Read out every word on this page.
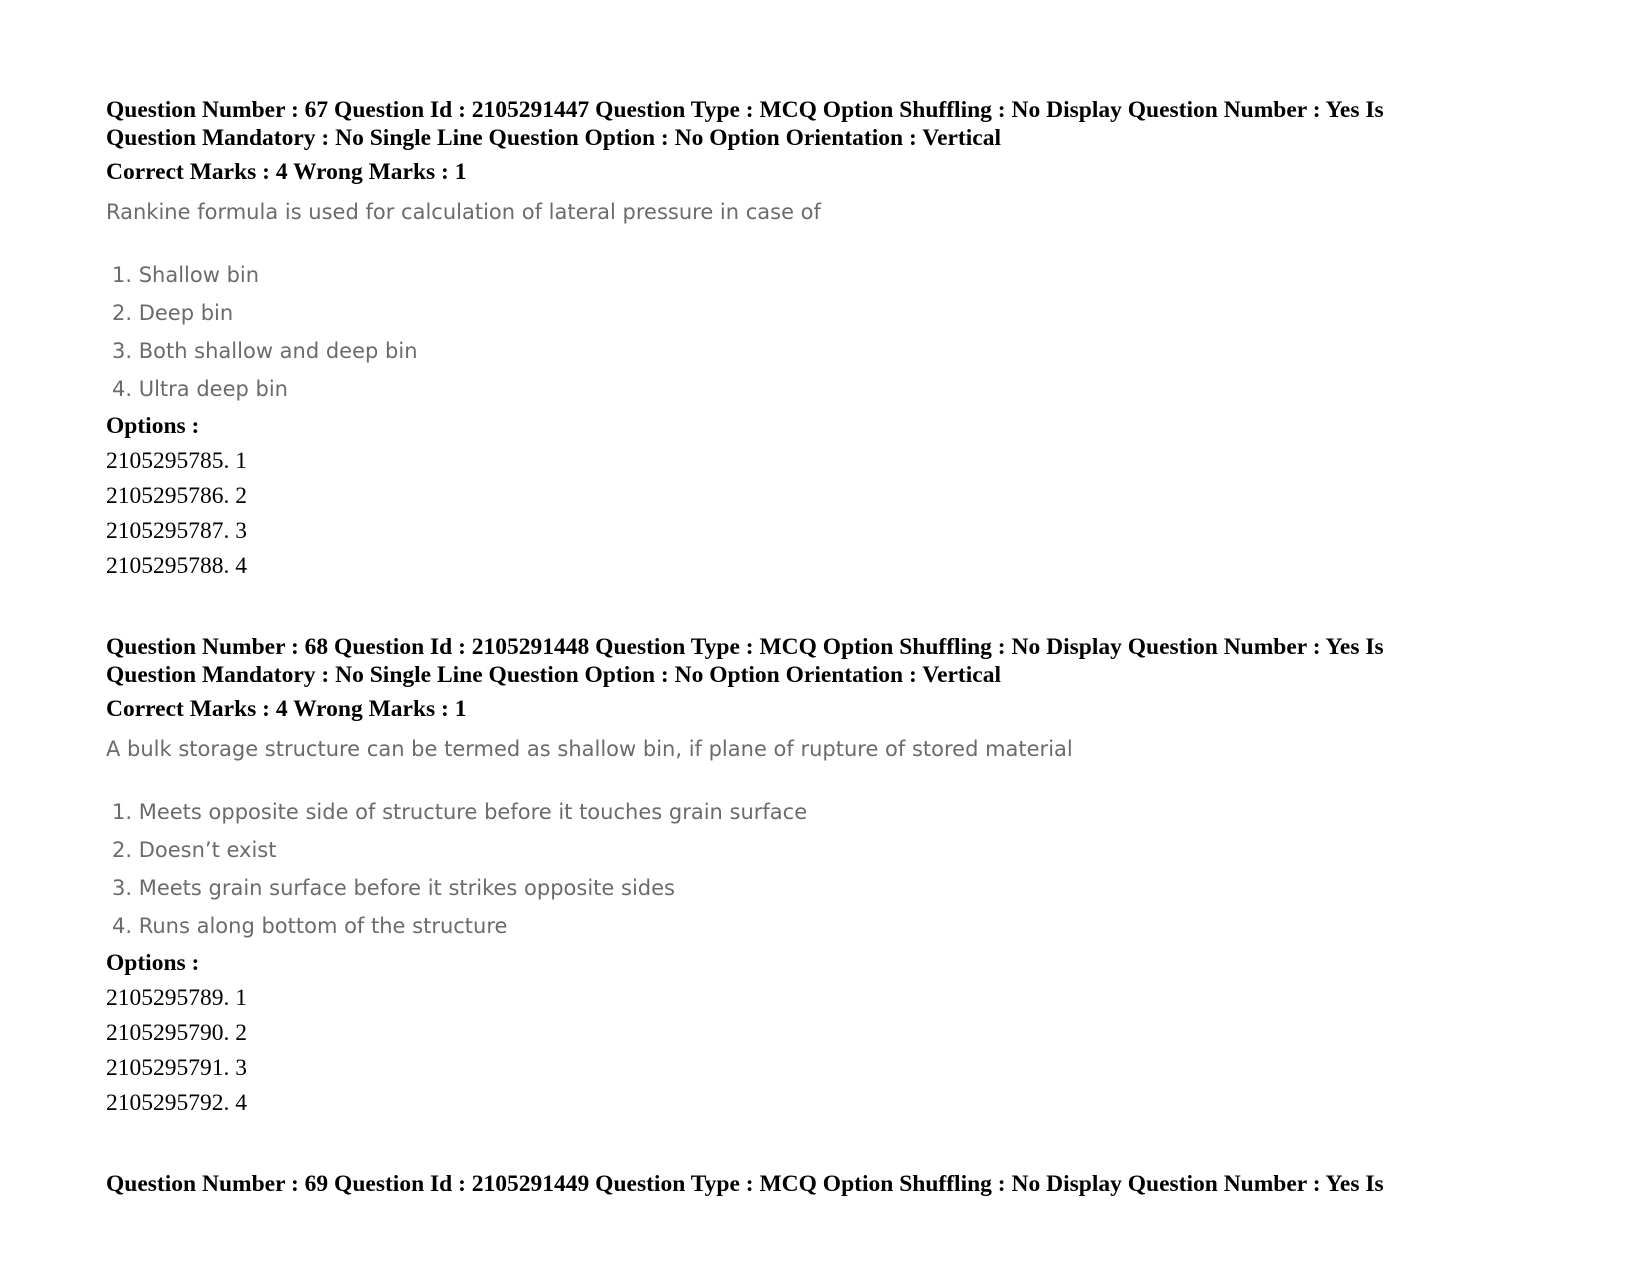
Question Number : 67 Question Id : 2105291447 Question Type : MCQ Option Shuffling : No Display Question Number : Yes Is
Question Mandatory : No Single Line Question Option : No Option Orientation : Vertical
Correct Marks : 4 Wrong Marks : 1
Rankine formula is used for calculation of lateral pressure in case of
1. Shallow bin
2. Deep bin
3. Both shallow and deep bin
4. Ultra deep bin
Options :
2105295785. 1
2105295786. 2
2105295787. 3
2105295788. 4
Question Number : 68 Question Id : 2105291448 Question Type : MCQ Option Shuffling : No Display Question Number : Yes Is
Question Mandatory : No Single Line Question Option : No Option Orientation : Vertical
Correct Marks : 4 Wrong Marks : 1
A bulk storage structure can be termed as shallow bin, if plane of rupture of stored material
1. Meets opposite side of structure before it touches grain surface
2. Doesn’t exist
3. Meets grain surface before it strikes opposite sides
4. Runs along bottom of the structure
Options :
2105295789. 1
2105295790. 2
2105295791. 3
2105295792. 4
Question Number : 69 Question Id : 2105291449 Question Type : MCQ Option Shuffling : No Display Question Number : Yes Is
